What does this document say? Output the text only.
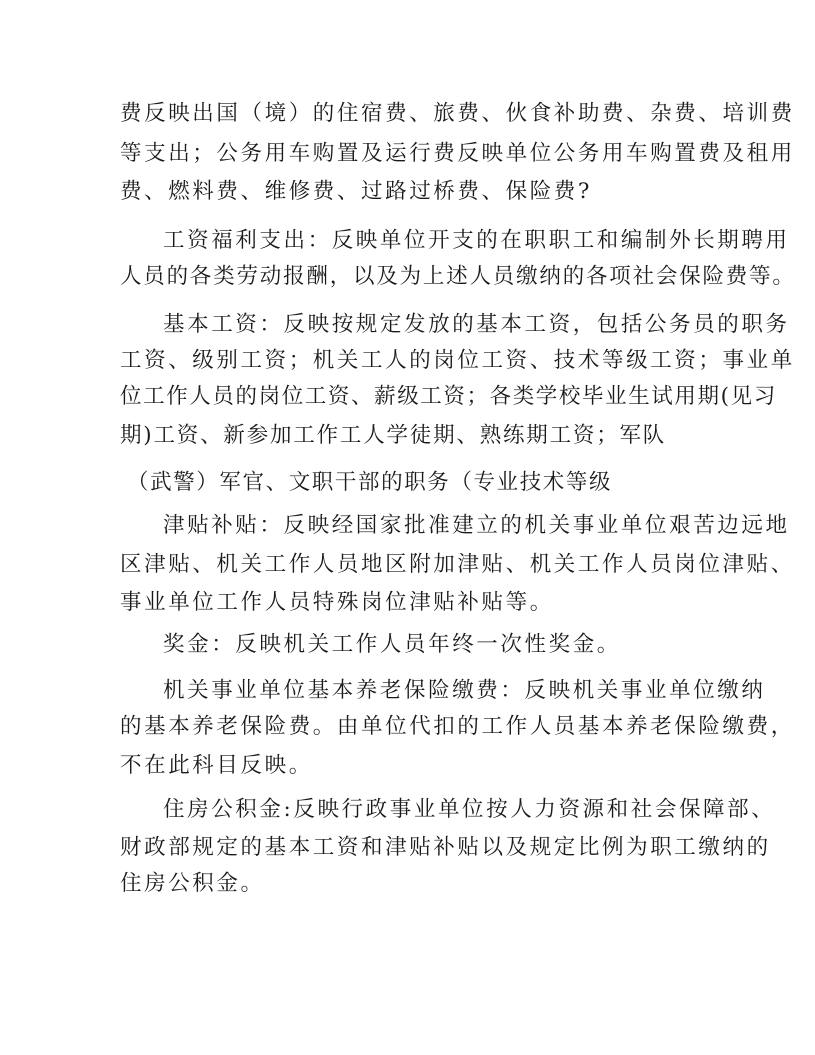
费反映出国（境）的住宿费、旅费、伙食补助费、杂费、培训费
等支出；公务用车购置及运行费反映单位公务用车购置费及租用
费、燃料费、维修费、过路过桥费、保险费?
工资福利支出：反映单位开支的在职职工和编制外长期聘用
人员的各类劳动报酬，以及为上述人员缴纳的各项社会保险费等。
基本工资：反映按规定发放的基本工资，包括公务员的职务
工资、级别工资；机关工人的岗位工资、技术等级工资；事业单
位工作人员的岗位工资、薪级工资；各类学校毕业生试用期(见习
期)工资、新参加工作工人学徒期、熟练期工资；军队
（武警）军官、文职干部的职务（专业技术等级
津贴补贴：反映经国家批准建立的机关事业单位艰苦边远地
区津贴、机关工作人员地区附加津贴、机关工作人员岗位津贴、
事业单位工作人员特殊岗位津贴补贴等。
奖金：反映机关工作人员年终一次性奖金。
机关事业单位基本养老保险缴费：反映机关事业单位缴纳
的基本养老保险费。由单位代扣的工作人员基本养老保险缴费，
不在此科目反映。
住房公积金:反映行政事业单位按人力资源和社会保障部、
财政部规定的基本工资和津贴补贴以及规定比例为职工缴纳的
住房公积金。
